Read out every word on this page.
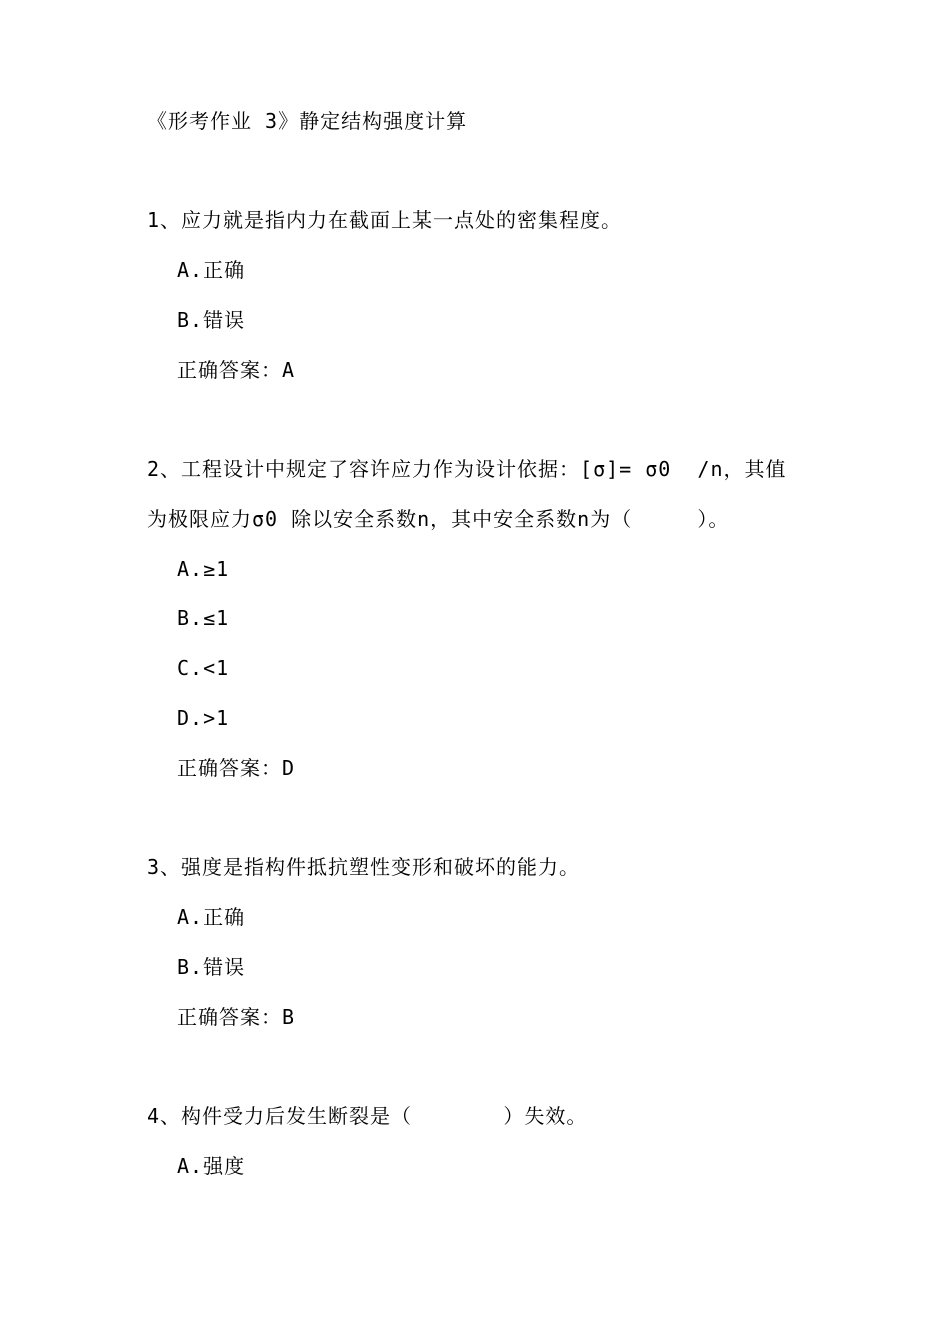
《形考作业 3》静定结构强度计算
1、应力就是指内力在截面上某一点处的密集程度。
A.正确
B.错误
正确答案：A
2、工程设计中规定了容许应力作为设计依据：[σ]= σ0  /n，其值
为极限应力σ0 除以安全系数n，其中安全系数n为（     ）。
A.≥1
B.≤1
C.<1
D.>1
正确答案：D
3、强度是指构件抵抗塑性变形和破坏的能力。
A.正确
B.错误
正确答案：B
4、构件受力后发生断裂是（       ）失效。
A.强度
